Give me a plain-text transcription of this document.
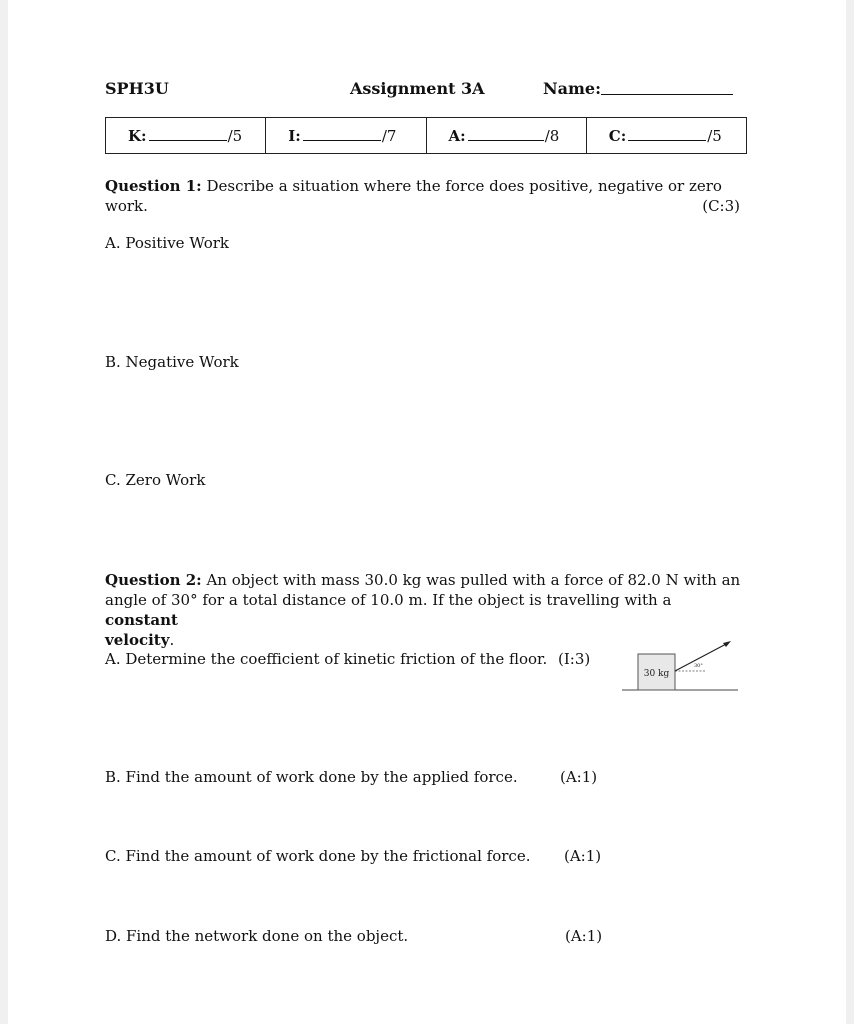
SPH3U	Assignment 3A	Name:
K:	/5	I:	/7	A:	/8	C:	/5

Question 1: Describe a situation where the force does positive, negative or zero

work.	(C:3)

A. Positive Work
B. Negative Work
C. Zero Work

Question 2: An object with mass 30.0 kg was pulled with a force of 82.0 N with an

angle of 30° for a total distance of 10.0 m. If the object is travelling with a constant

velocity.

A. Determine the coefficient of kinetic friction of the floor. (I:3)
B. Find the amount of work done by the applied force.	(A:1)
C. Find the amount of work done by the frictional force. (A:1)
D. Find the network done on the object.	(A:1)
30 kg
30°
